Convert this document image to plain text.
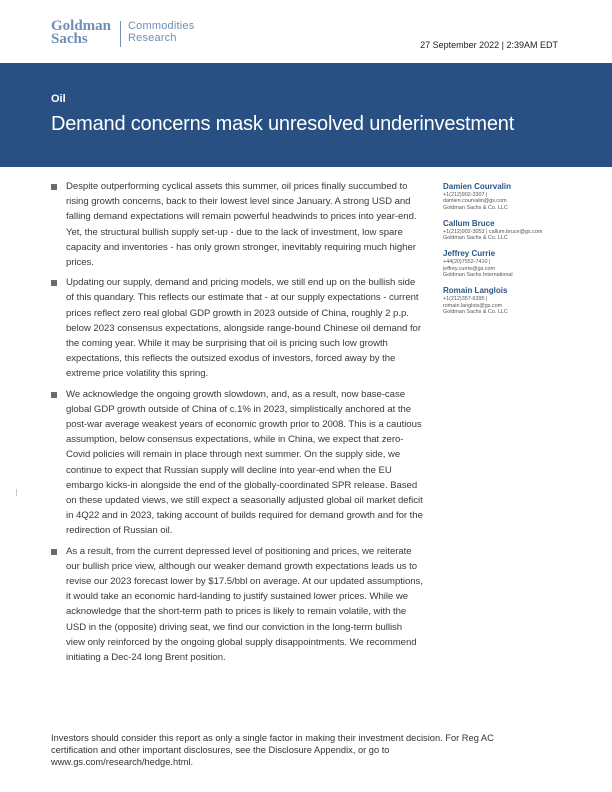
Goldman
Sachs
Commodities
Research
27 September 2022 | 2:39AM EDT
Oil
Demand concerns mask unresolved underinvestment
Despite outperforming cyclical assets this summer, oil prices finally succumbed to rising growth concerns, back to their lowest level since January. A strong USD and falling demand expectations will remain powerful headwinds to prices into year-end. Yet, the structural bullish supply set-up - due to the lack of investment, low spare capacity and inventories - has only grown stronger, inevitably requiring much higher prices.
Updating our supply, demand and pricing models, we still end up on the bullish side of this quandary. This reflects our estimate that - at our supply expectations - current prices reflect zero real global GDP growth in 2023 outside of China, roughly 2 p.p. below 2023 consensus expectations, alongside range-bound Chinese oil demand for the coming year. While it may be surprising that oil is pricing such low growth expectations, this reflects the outsized exodus of investors, forced away by the extreme price volatility this spring.
We acknowledge the ongoing growth slowdown, and, as a result, now base-case global GDP growth outside of China of c.1% in 2023, simplistically anchored at the post-war average weakest years of economic growth prior to 2008. This is a cautious assumption, below consensus expectations, while in China, we expect that zero-Covid policies will remain in place through next summer. On the supply side, we continue to expect that Russian supply will decline into year-end when the EU embargo kicks-in alongside the end of the globally-coordinated SPR release. Based on these updated views, we still expect a seasonally adjusted global oil market deficit in 4Q22 and in 2023, taking account of builds required for demand growth and for the redirection of Russian oil.
As a result, from the current depressed level of positioning and prices, we reiterate our bullish price view, although our weaker demand growth expectations leads us to revise our 2023 forecast lower by $17.5/bbl on average. At our updated assumptions, it would take an economic hard-landing to justify sustained lower prices. While we acknowledge that the short-term path to prices is likely to remain volatile, with the USD in the (opposite) driving seat, we find our conviction in the long-term bullish view only reinforced by the ongoing global supply disappointments. We recommend initiating a Dec-24 long Brent position.
Damien Courvalin
+1(212)902-3307 |
damien.courvalin@gs.com
Goldman Sachs & Co. LLC
Callum Bruce
+1(212)902-3053 | callum.bruce@gs.com
Goldman Sachs & Co. LLC
Jeffrey Currie
+44(20)7552-7410 |
jeffrey.currie@gs.com
Goldman Sachs International
Romain Langlois
+1(212)357-6395 |
romain.langlois@gs.com
Goldman Sachs & Co. LLC
Investors should consider this report as only a single factor in making their investment decision. For Reg AC certification and other important disclosures, see the Disclosure Appendix, or go to www.gs.com/research/hedge.html.
